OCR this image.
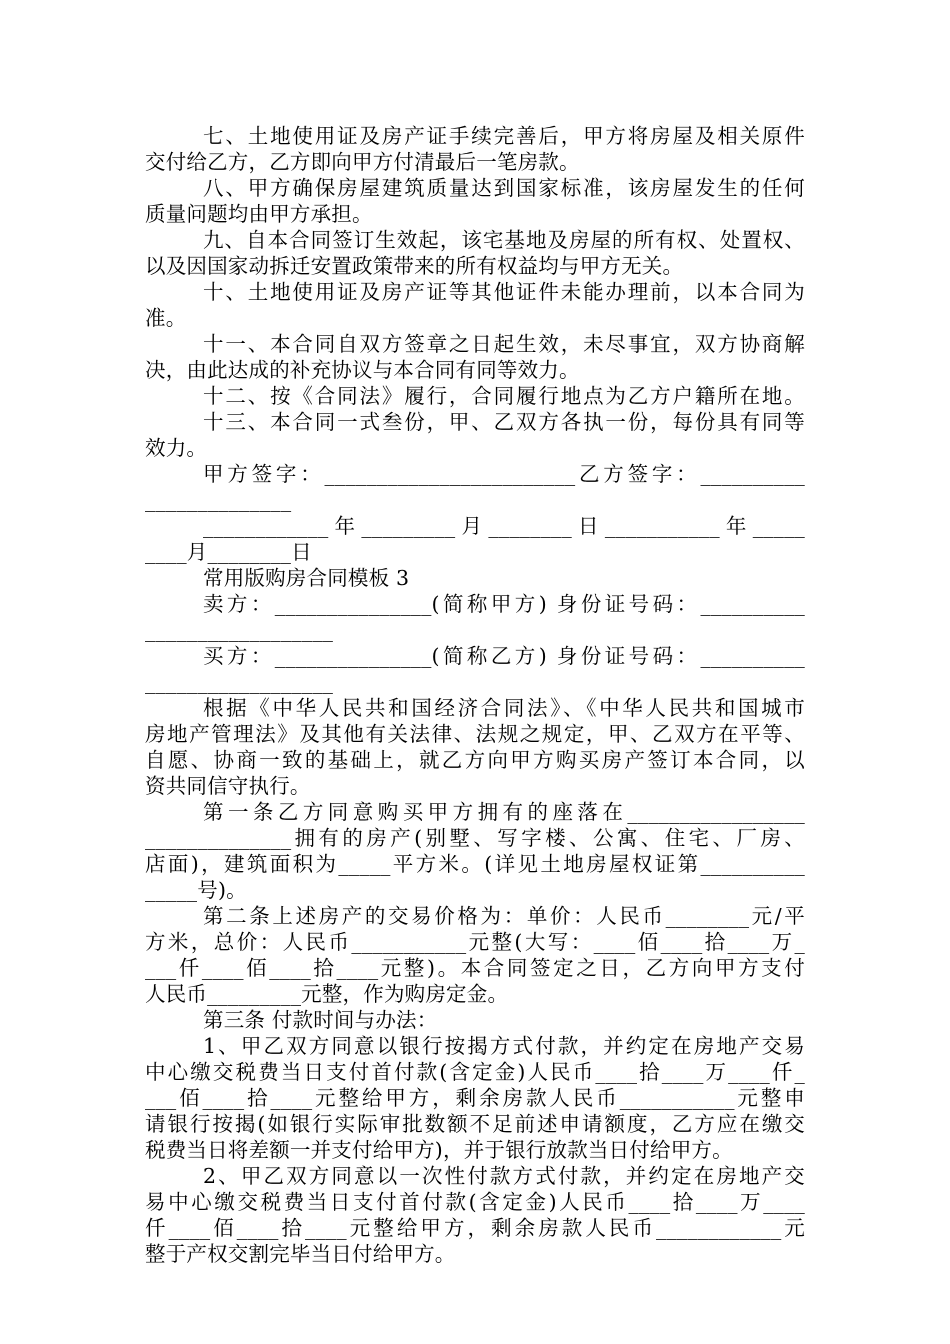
七、土地使用证及房产证手续完善后，甲方将房屋及相关原件
交付给乙方，乙方即向甲方付清最后一笔房款。
八、甲方确保房屋建筑质量达到国家标准，该房屋发生的任何
质量问题均由甲方承担。
九、自本合同签订生效起，该宅基地及房屋的所有权、处置权、
以及因国家动拆迁安置政策带来的所有权益均与甲方无关。
十、土地使用证及房产证等其他证件未能办理前，以本合同为
准。
十一、本合同自双方签章之日起生效，未尽事宜，双方协商解
决，由此达成的补充协议与本合同有同等效力。
十二、按《合同法》履行，合同履行地点为乙方户籍所在地。
十三、本合同一式叁份，甲、乙双方各执一份，每份具有同等
效力。
甲方签字：________________________乙方签字：__________
______________
____________年_________月________日___________年_____
____月________日
常用版购房合同模板 3
卖方：_______________(简称甲方) 身份证号码：__________
__________________
买方：_______________(简称乙方) 身份证号码：__________
__________________
根据《中华人民共和国经济合同法》、《中华人民共和国城市
房地产管理法》及其他有关法律、法规之规定，甲、乙双方在平等、
自愿、协商一致的基础上，就乙方向甲方购买房产签订本合同，以
资共同信守执行。
第一条乙方同意购买甲方拥有的座落在_________________
______________拥有的房产(别墅、写字楼、公寓、住宅、厂房、
店面)，建筑面积为_____平方米。(详见土地房屋权证第__________
_____号)。
第二条上述房产的交易价格为：单价：人民币________元/平
方米，总价：人民币___________元整(大写：____佰____拾____万_
___仟____佰____拾____元整)。本合同签定之日，乙方向甲方支付
人民币_________元整，作为购房定金。
第三条 付款时间与办法：
1、甲乙双方同意以银行按揭方式付款，并约定在房地产交易
中心缴交税费当日支付首付款(含定金)人民币____拾____万____仟_
___佰____拾____元整给甲方，剩余房款人民币___________元整申
请银行按揭(如银行实际审批数额不足前述申请额度，乙方应在缴交
税费当日将差额一并支付给甲方)，并于银行放款当日付给甲方。
2、甲乙双方同意以一次性付款方式付款，并约定在房地产交
易中心缴交税费当日支付首付款(含定金)人民币____拾____万____
仟____佰____拾____元整给甲方，剩余房款人民币____________元
整于产权交割完毕当日付给甲方。
